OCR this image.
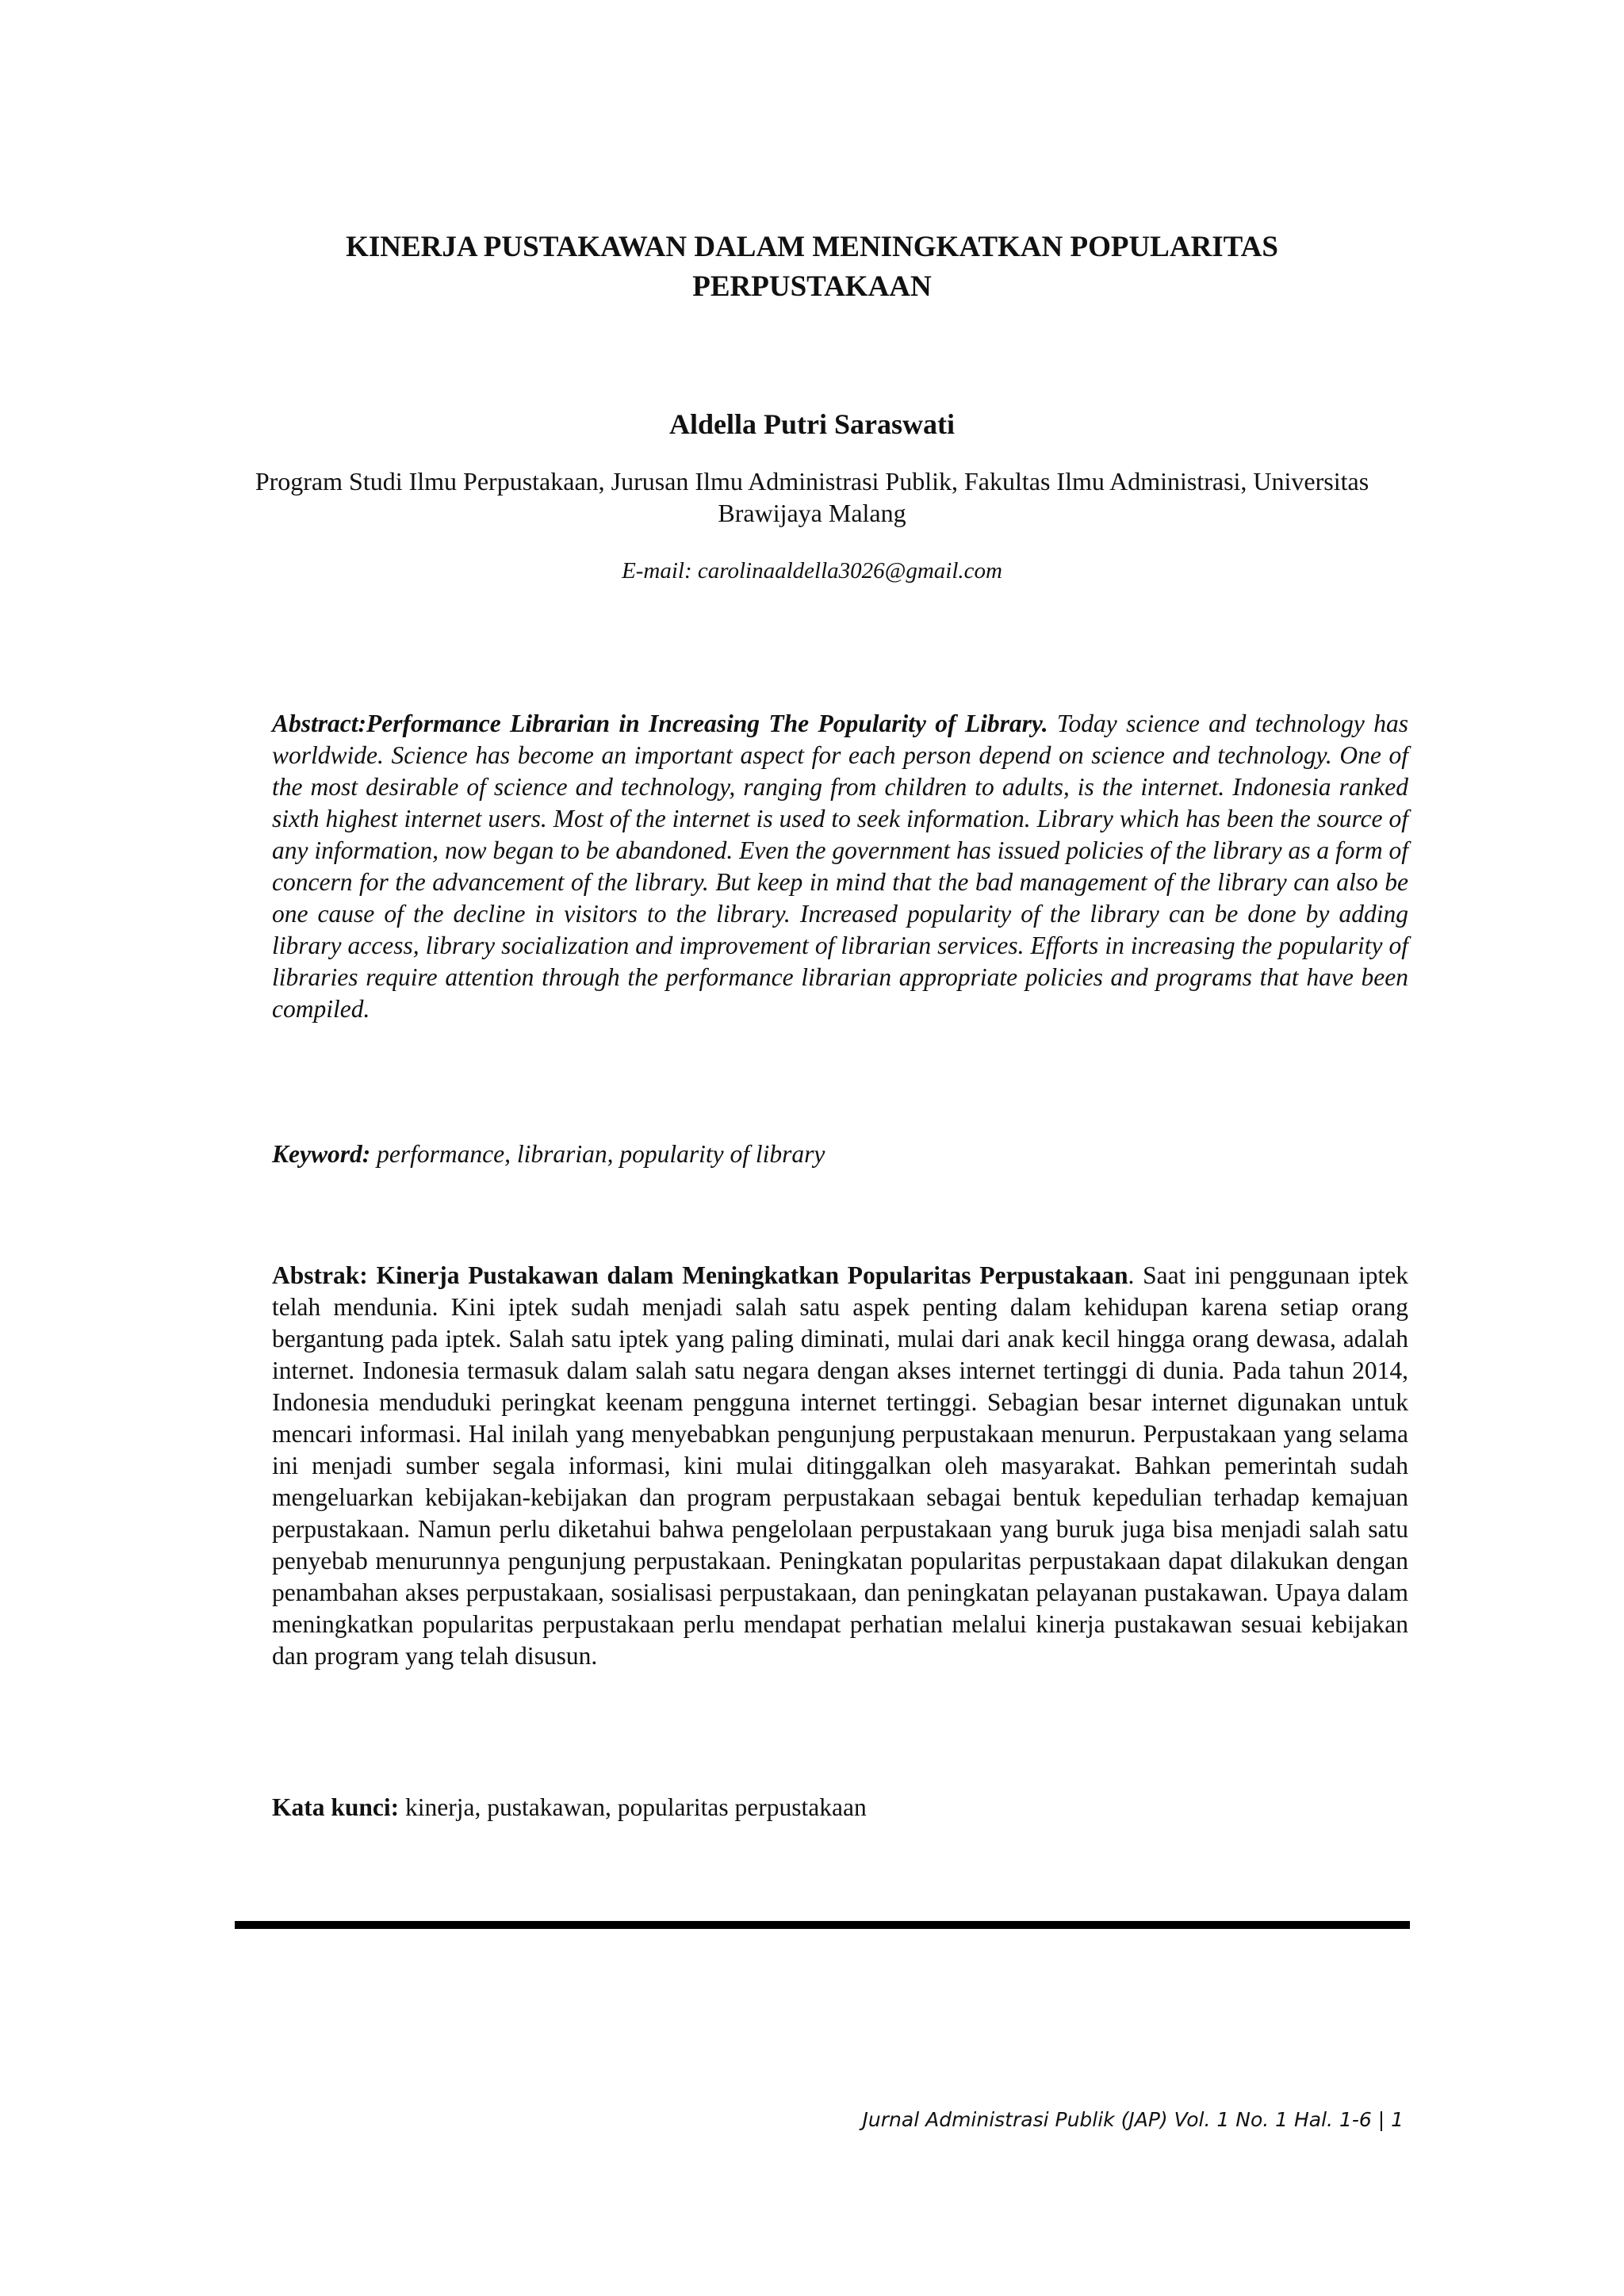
KINERJA PUSTAKAWAN DALAM MENINGKATKAN POPULARITAS PERPUSTAKAAN
Aldella Putri Saraswati
Program Studi Ilmu Perpustakaan, Jurusan Ilmu Administrasi Publik, Fakultas Ilmu Administrasi, Universitas Brawijaya Malang
E-mail: carolinaaldella3026@gmail.com
Abstract:Performance Librarian in Increasing The Popularity of Library. Today science and technology has worldwide. Science has become an important aspect for each person depend on science and technology. One of the most desirable of science and technology, ranging from children to adults, is the internet. Indonesia ranked sixth highest internet users. Most of the internet is used to seek information. Library which has been the source of any information, now began to be abandoned. Even the government has issued policies of the library as a form of concern for the advancement of the library. But keep in mind that the bad management of the library can also be one cause of the decline in visitors to the library. Increased popularity of the library can be done by adding library access, library socialization and improvement of librarian services. Efforts in increasing the popularity of libraries require attention through the performance librarian appropriate policies and programs that have been compiled.
Keyword: performance, librarian, popularity of library
Abstrak: Kinerja Pustakawan dalam Meningkatkan Popularitas Perpustakaan. Saat ini penggunaan iptek telah mendunia. Kini iptek sudah menjadi salah satu aspek penting dalam kehidupan karena setiap orang bergantung pada iptek. Salah satu iptek yang paling diminati, mulai dari anak kecil hingga orang dewasa, adalah internet. Indonesia termasuk dalam salah satu negara dengan akses internet tertinggi di dunia. Pada tahun 2014, Indonesia menduduki peringkat keenam pengguna internet tertinggi. Sebagian besar internet digunakan untuk mencari informasi. Hal inilah yang menyebabkan pengunjung perpustakaan menurun. Perpustakaan yang selama ini menjadi sumber segala informasi, kini mulai ditinggalkan oleh masyarakat. Bahkan pemerintah sudah mengeluarkan kebijakan-kebijakan dan program perpustakaan sebagai bentuk kepedulian terhadap kemajuan perpustakaan. Namun perlu diketahui bahwa pengelolaan perpustakaan yang buruk juga bisa menjadi salah satu penyebab menurunnya pengunjung perpustakaan. Peningkatan popularitas perpustakaan dapat dilakukan dengan penambahan akses perpustakaan, sosialisasi perpustakaan, dan peningkatan pelayanan pustakawan. Upaya dalam meningkatkan popularitas perpustakaan perlu mendapat perhatian melalui kinerja pustakawan sesuai kebijakan dan program yang telah disusun.
Kata kunci: kinerja, pustakawan, popularitas perpustakaan
Jurnal Administrasi Publik (JAP) Vol. 1 No. 1 Hal. 1-6 | 1
